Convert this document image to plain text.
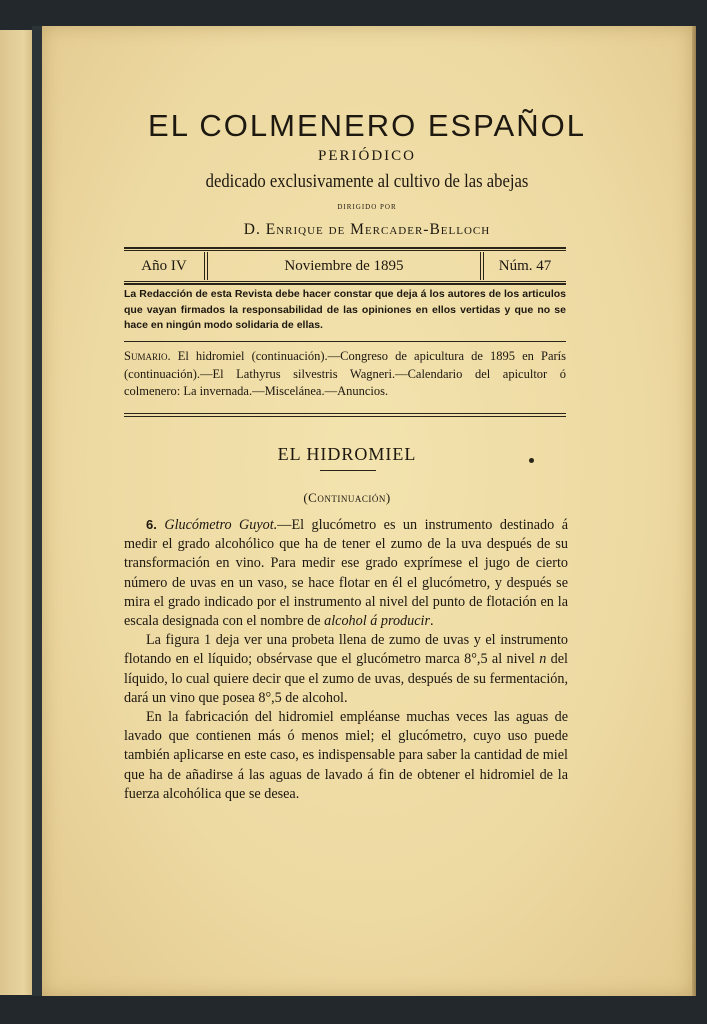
EL COLMENERO ESPAÑOL
PERIÓDICO
dedicado exclusivamente al cultivo de las abejas
DIRIGIDO POR
D. Enrique de Mercader-Belloch
Año IV	Noviembre de 1895	Núm. 47
La Redacción de esta Revista debe hacer constar que deja á los autores de los articulos que vayan firmados la responsabilidad de las opiniones en ellos vertidas y que no se hace en ningún modo solidaria de ellas.
Sumario. El hidromiel (continuación).—Congreso de apicultura de 1895 en París (continuación).—El Lathyrus silvestris Wagneri.—Calendario del apicultor ó colmenero: La invernada.—Miscelánea.—Anuncios.
EL HIDROMIEL
(Continuación)

6. Glucómetro Guyot.—El glucómetro es un instrumento destinado á medir el grado alcohólico que ha de tener el zumo de la uva después de su transformación en vino. Para medir ese grado exprímese el jugo de cierto número de uvas en un vaso, se hace flotar en él el glucómetro, y después se mira el grado indicado por el instrumento al nivel del punto de flotación en la escala designada con el nombre de alcohol á producir.

La figura 1 deja ver una probeta llena de zumo de uvas y el instrumento flotando en el líquido; obsérvase que el glucómetro marca 8°,5 al nivel n del líquido, lo cual quiere decir que el zumo de uvas, después de su fermentación, dará un vino que posea 8°,5 de alcohol.

En la fabricación del hidromiel empléanse muchas veces las aguas de lavado que contienen más ó menos miel; el glucómetro, cuyo uso puede también aplicarse en este caso, es indispensable para saber la cantidad de miel que ha de añadirse á las aguas de lavado á fin de obtener el hidromiel de la fuerza alcohólica que se desea.
